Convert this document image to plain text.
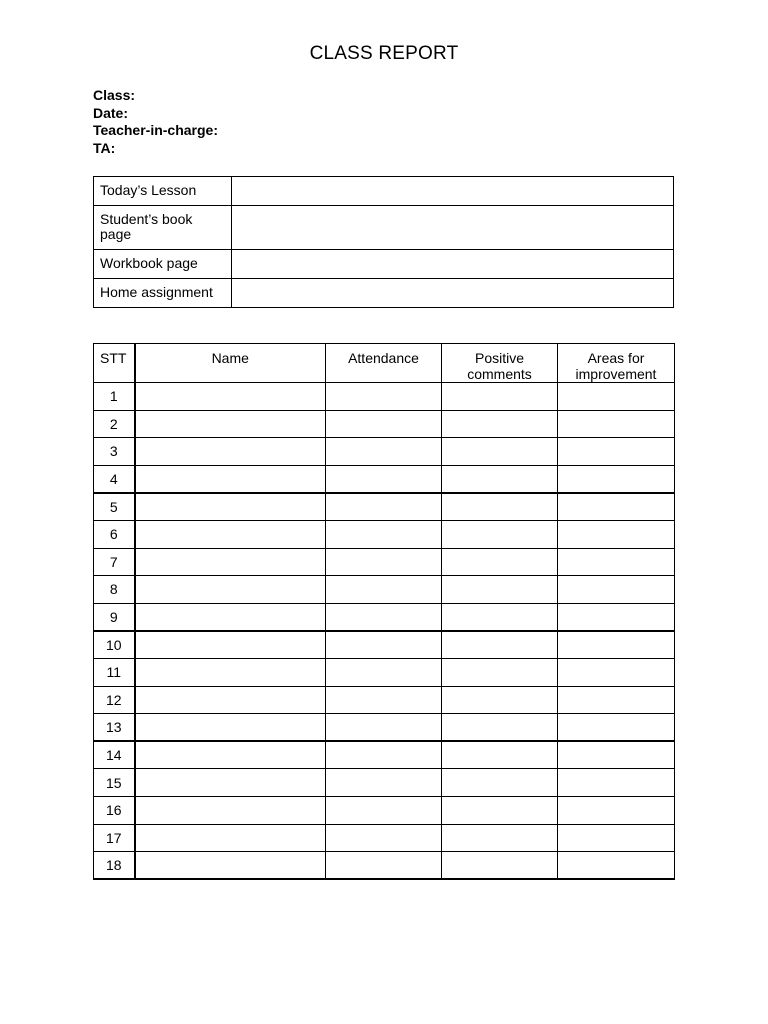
CLASS REPORT
Class:
Date:
Teacher-in-charge:
TA:
Today’s Lesson	
Student’s book page	
Workbook page	
Home assignment	
STT	Name	Attendance	Positive comments	Areas for improvement
1				
2				
3				
4				
5				
6				
7				
8				
9				
10				
11				
12				
13				
14				
15				
16				
17				
18				
